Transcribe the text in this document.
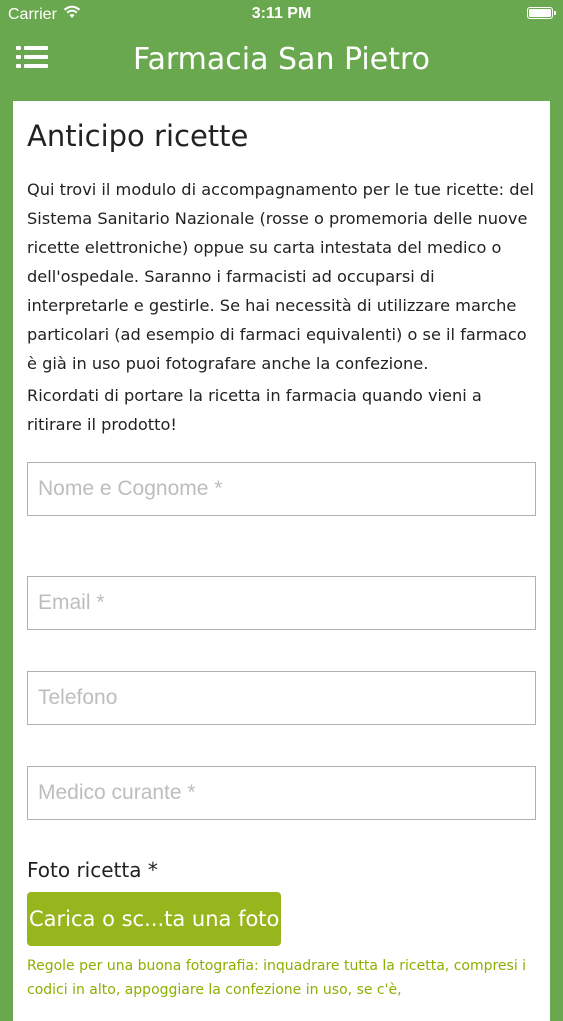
Carrier	3:11 PM
Farmacia San Pietro
Anticipo ricette
Qui trovi il modulo di accompagnamento per le tue ricette: del Sistema Sanitario Nazionale (rosse o promemoria delle nuove ricette elettroniche) oppue su carta intestata del medico o dell'ospedale. Saranno i farmacisti ad occuparsi di interpretarle e gestirle. Se hai necessità di utilizzare marche particolari (ad esempio di farmaci equivalenti) o se il farmaco è già in uso puoi fotografare anche la confezione.
Ricordati di portare la ricetta in farmacia quando vieni a ritirare il prodotto!
Nome e Cognome *
Email *
Telefono
Medico curante *
Foto ricetta *
Carica o sc...ta una foto
Regole per una buona fotografia: inquadrare tutta la ricetta, compresi i codici in alto, appoggiare la confezione in uso, se c'è,
